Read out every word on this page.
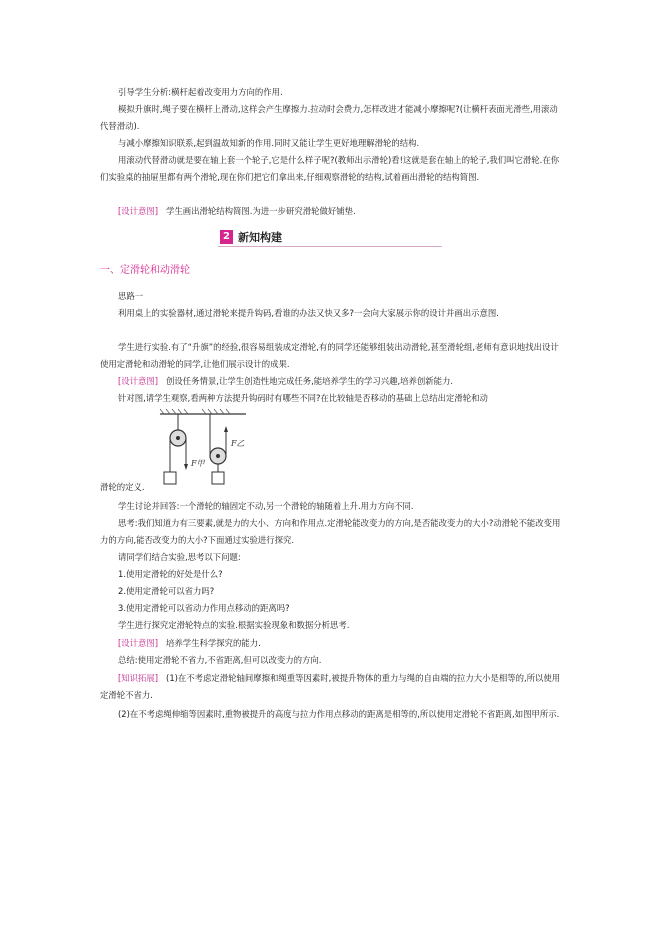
引导学生分析:横杆起着改变用力方向的作用.

模拟升旗时,绳子要在横杆上滑动,这样会产生摩擦力.拉动时会费力,怎样改进才能减小摩擦呢?(让横杆表面光滑些,用滚动代替滑动).

与减小摩擦知识联系,起到温故知新的作用.同时又能让学生更好地理解滑轮的结构.

用滚动代替滑动就是要在轴上套一个轮子,它是什么样子呢?(教师出示滑轮)看!这就是套在轴上的轮子,我们叫它滑轮.在你们实验桌的抽屉里都有两个滑轮,现在你们把它们拿出来,仔细观察滑轮的结构,试着画出滑轮的结构简图.

[设计意图] 学生画出滑轮结构简图.为进一步研究滑轮做好铺垫.

2 新知构建
一、定滑轮和动滑轮

思路一

利用桌上的实验器材,通过滑轮来提升钩码,看谁的办法又快又多?一会向大家展示你的设计并画出示意图.

学生进行实验.有了“升旗”的经验,很容易组装成定滑轮,有的同学还能够组装出动滑轮,甚至滑轮组,老师有意识地找出设计使用定滑轮和动滑轮的同学,让他们展示设计的成果.

[设计意图] 创设任务情景,让学生创造性地完成任务,能培养学生的学习兴趣,培养创新能力.

针对图,请学生观察,看两种方法提升钩码时有哪些不同?在比较轴是否移动的基础上总结出定滑轮和动

F甲
F乙

滑轮的定义.

学生讨论并回答:一个滑轮的轴固定不动,另一个滑轮的轴随着上升.用力方向不同.

思考:我们知道力有三要素,就是力的大小、方向和作用点.定滑轮能改变力的方向,是否能改变力的大小?动滑轮不能改变用力的方向,能否改变力的大小?下面通过实验进行探究.

请同学们结合实验,思考以下问题:

1.使用定滑轮的好处是什么?
2.使用定滑轮可以省力吗?
3.使用定滑轮可以省动力作用点移动的距离吗?

学生进行探究定滑轮特点的实验.根据实验现象和数据分析思考.

[设计意图] 培养学生科学探究的能力.

总结:使用定滑轮不省力,不省距离,但可以改变力的方向.

[知识拓展] (1)在不考虑定滑轮轴间摩擦和绳重等因素时,被提升物体的重力与绳的自由端的拉力大小是相等的,所以使用定滑轮不省力.

(2)在不考虑绳伸缩等因素时,重物被提升的高度与拉力作用点移动的距离是相等的,所以使用定滑轮不省距离,如图甲所示.
